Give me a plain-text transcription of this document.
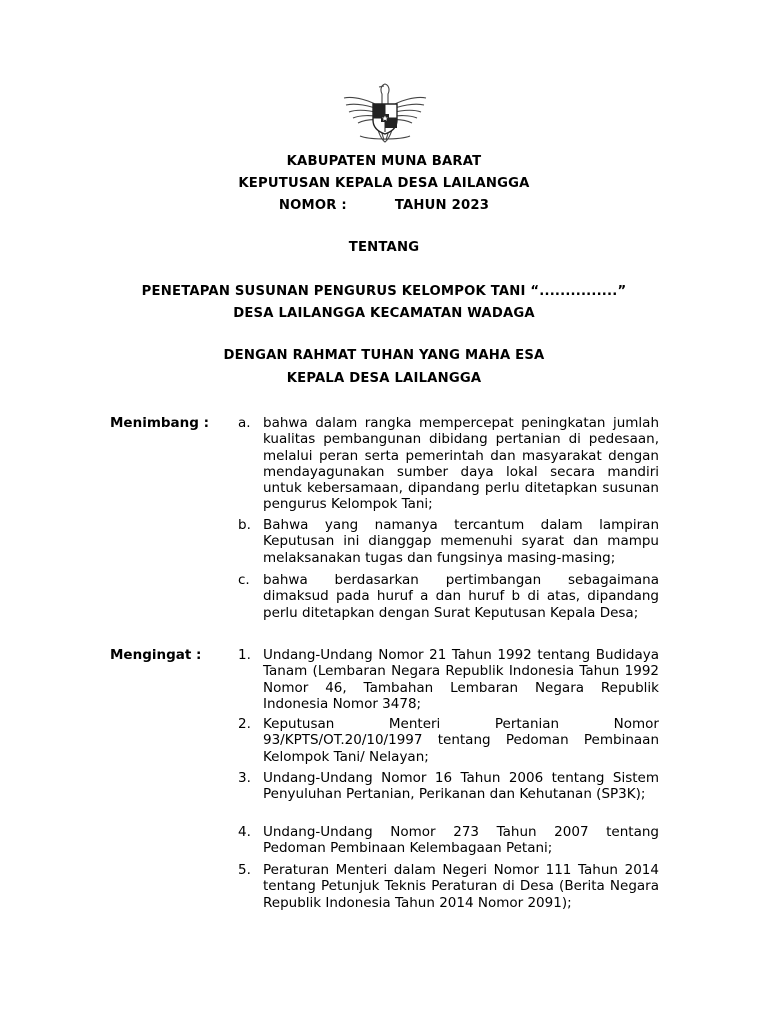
KABUPATEN MUNA BARAT
KEPUTUSAN KEPALA DESA LAILANGGA
NOMOR :          TAHUN 2023
TENTANG
PENETAPAN SUSUNAN PENGURUS KELOMPOK TANI “...............”
DESA LAILANGGA KECAMATAN WADAGA
DENGAN RAHMAT TUHAN YANG MAHA ESA
KEPALA DESA LAILANGGA
Menimbang : a. bahwa dalam rangka mempercepat peningkatan jumlah kualitas pembangunan dibidang pertanian di pedesaan, melalui peran serta pemerintah dan masyarakat dengan mendayagunakan sumber daya lokal secara mandiri untuk kebersamaan, dipandang perlu ditetapkan susunan pengurus Kelompok Tani;
b. Bahwa yang namanya tercantum dalam lampiran Keputusan ini dianggap memenuhi syarat dan mampu melaksanakan tugas dan fungsinya masing-masing;
c. bahwa berdasarkan pertimbangan sebagaimana dimaksud pada huruf a dan huruf b di atas, dipandang perlu ditetapkan dengan Surat Keputusan Kepala Desa;
Mengingat :	1. Undang-Undang Nomor 21 Tahun 1992 tentang Budidaya Tanam (Lembaran Negara Republik Indonesia Tahun 1992 Nomor 46, Tambahan Lembaran Negara Republik Indonesia Nomor 3478;
2. Keputusan Menteri Pertanian Nomor 93/KPTS/OT.20/10/1997 tentang Pedoman Pembinaan Kelompok Tani/ Nelayan;
3. Undang-Undang Nomor 16 Tahun 2006 tentang Sistem Penyuluhan Pertanian, Perikanan dan Kehutanan (SP3K);
4. Undang-Undang Nomor 273 Tahun 2007 tentang Pedoman Pembinaan Kelembagaan Petani;
5. Peraturan Menteri dalam Negeri Nomor 111 Tahun 2014 tentang Petunjuk Teknis Peraturan di Desa (Berita Negara Republik Indonesia Tahun 2014 Nomor 2091);
